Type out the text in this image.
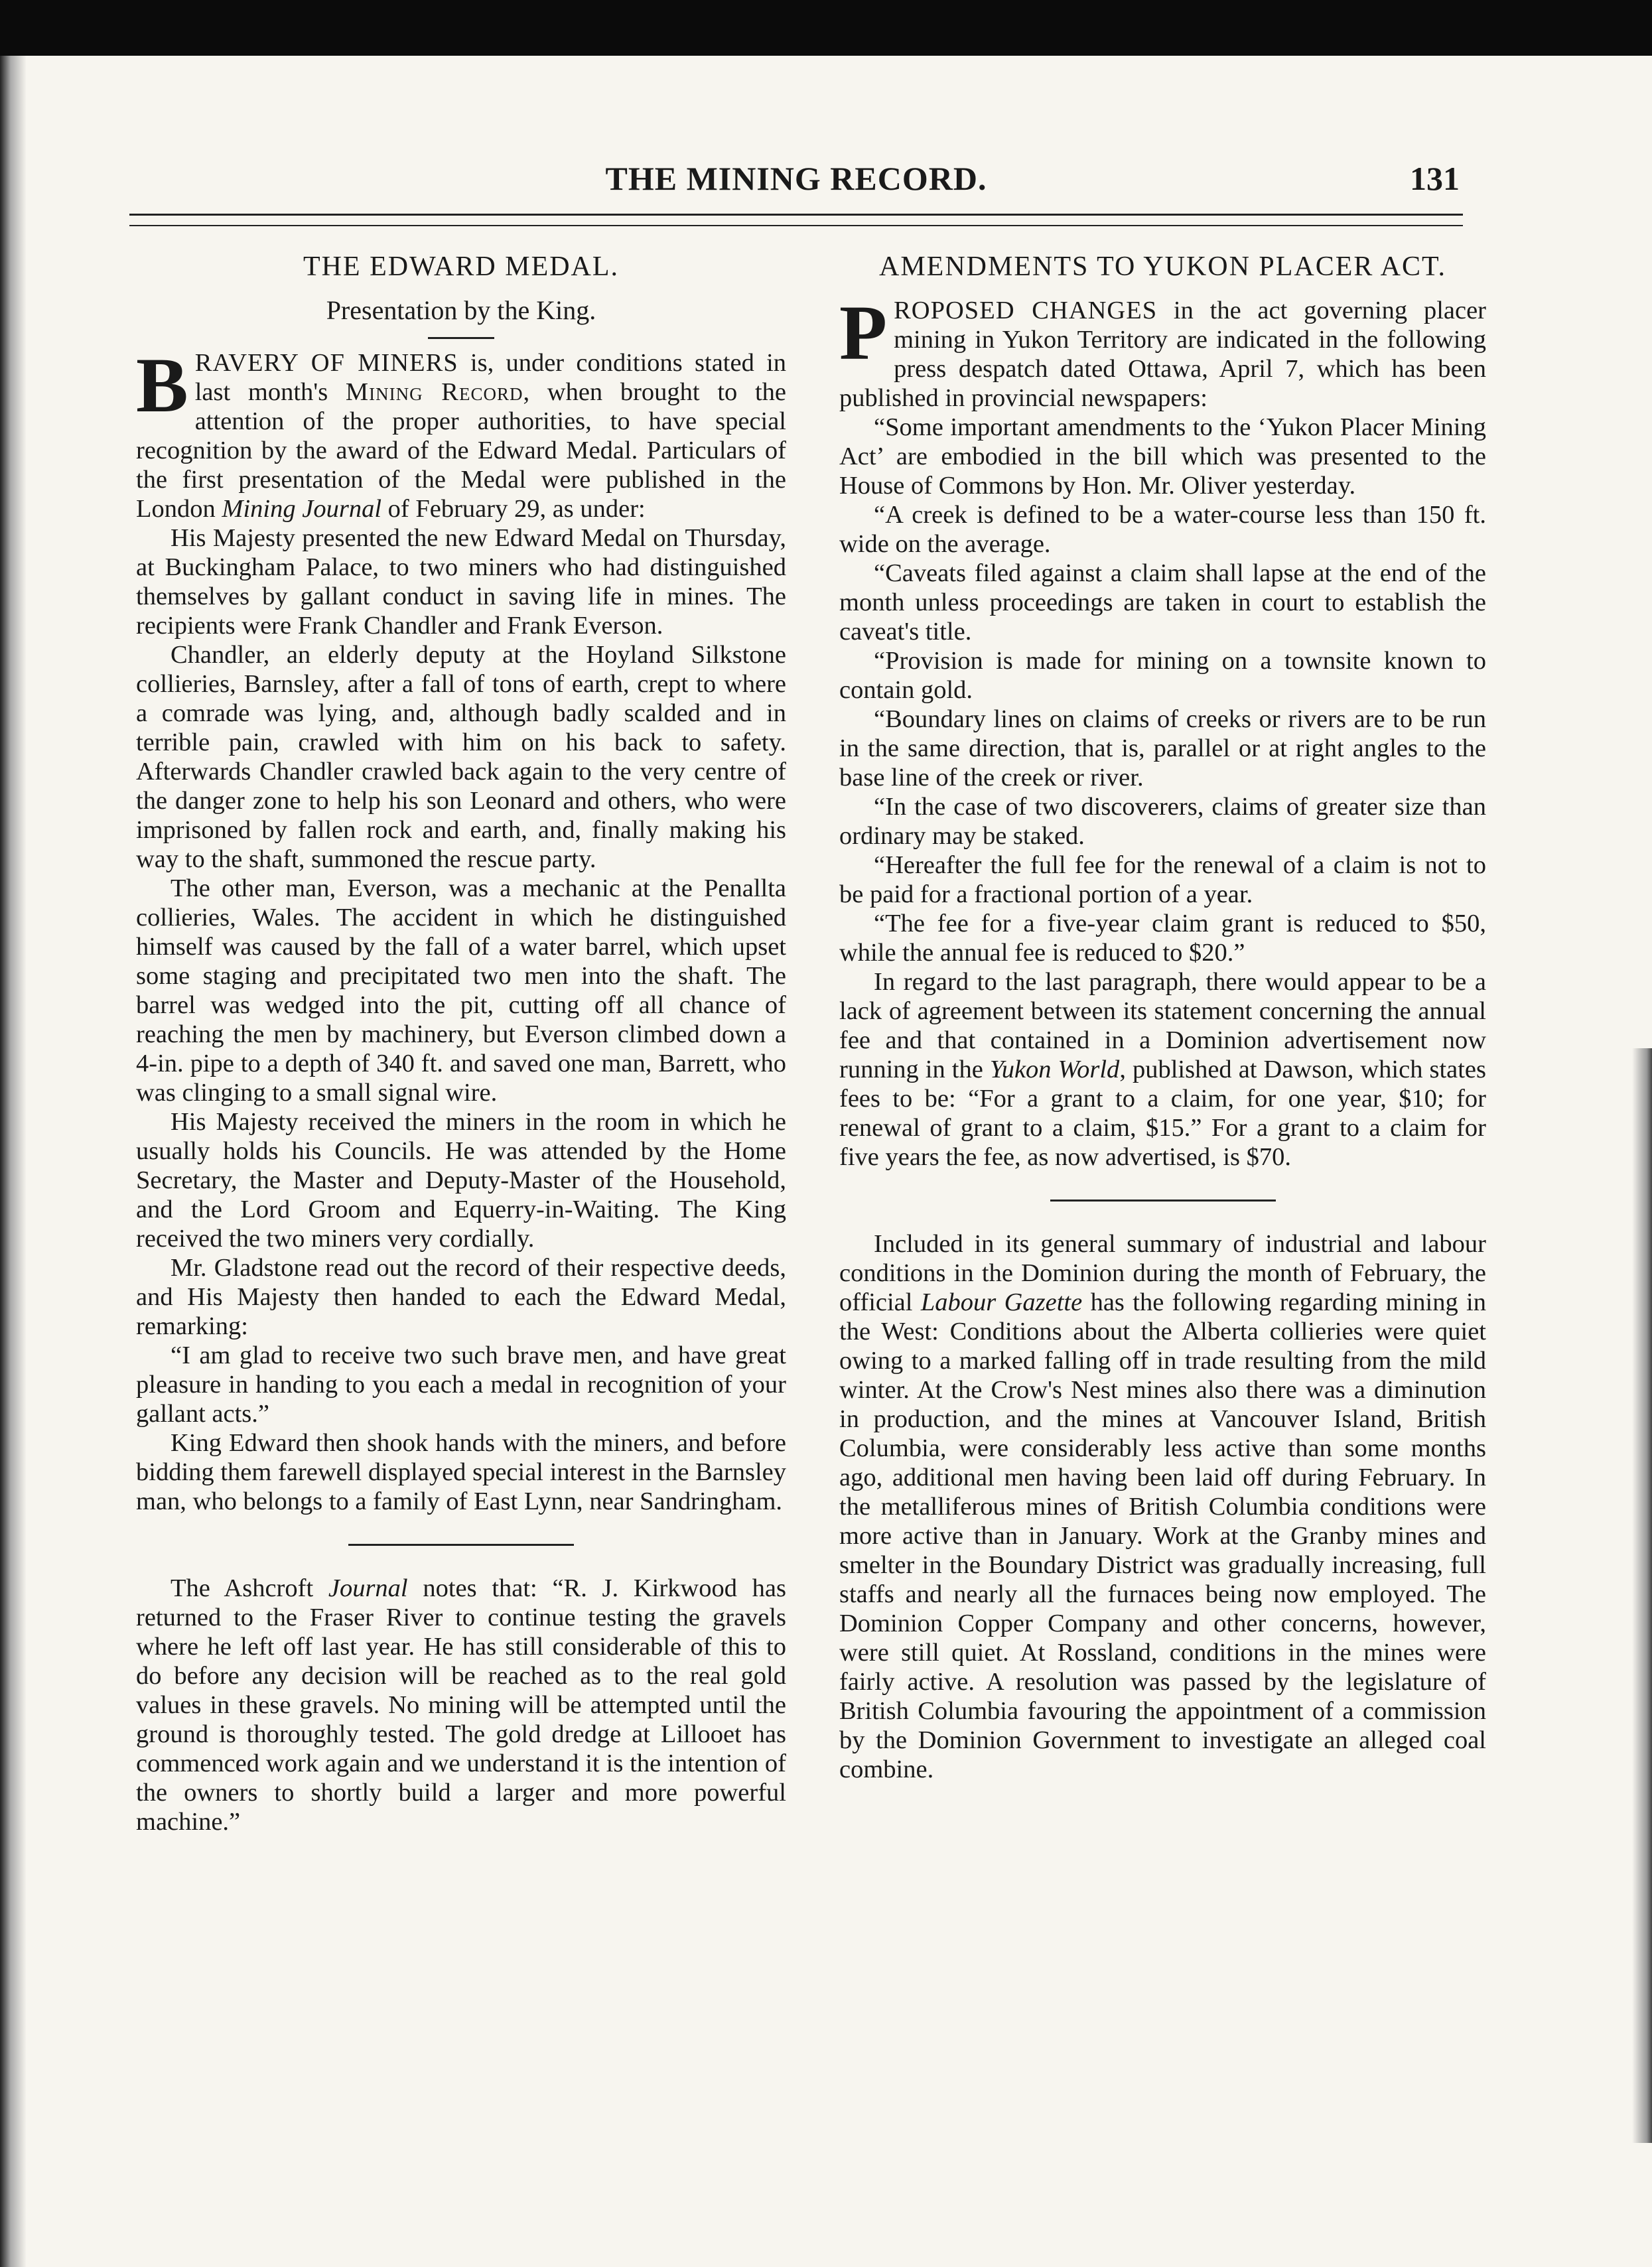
THE MINING RECORD.	131
THE EDWARD MEDAL.
Presentation by the King.

BRAVERY OF MINERS is, under conditions stated in last month's Mining Record, when brought to the attention of the proper authorities, to have special recognition by the award of the Edward Medal. Particulars of the first presentation of the Medal were published in the London Mining Journal of February 29, as under:

His Majesty presented the new Edward Medal on Thursday, at Buckingham Palace, to two miners who had distinguished themselves by gallant conduct in saving life in mines. The recipients were Frank Chandler and Frank Everson.

Chandler, an elderly deputy at the Hoyland Silkstone collieries, Barnsley, after a fall of tons of earth, crept to where a comrade was lying, and, although badly scalded and in terrible pain, crawled with him on his back to safety. Afterwards Chandler crawled back again to the very centre of the danger zone to help his son Leonard and others, who were imprisoned by fallen rock and earth, and, finally making his way to the shaft, summoned the rescue party.

The other man, Everson, was a mechanic at the Penallta collieries, Wales. The accident in which he distinguished himself was caused by the fall of a water barrel, which upset some staging and precipitated two men into the shaft. The barrel was wedged into the pit, cutting off all chance of reaching the men by machinery, but Everson climbed down a 4-in. pipe to a depth of 340 ft. and saved one man, Barrett, who was clinging to a small signal wire.

His Majesty received the miners in the room in which he usually holds his Councils. He was attended by the Home Secretary, the Master and Deputy-Master of the Household, and the Lord Groom and Equerry-in-Waiting. The King received the two miners very cordially.

Mr. Gladstone read out the record of their respective deeds, and His Majesty then handed to each the Edward Medal, remarking:

“I am glad to receive two such brave men, and have great pleasure in handing to you each a medal in recognition of your gallant acts.”

King Edward then shook hands with the miners, and before bidding them farewell displayed special interest in the Barnsley man, who belongs to a family of East Lynn, near Sandringham.

The Ashcroft Journal notes that: “R. J. Kirkwood has returned to the Fraser River to continue testing the gravels where he left off last year. He has still considerable of this to do before any decision will be reached as to the real gold values in these gravels. No mining will be attempted until the ground is thoroughly tested. The gold dredge at Lillooet has commenced work again and we understand it is the intention of the owners to shortly build a larger and more powerful machine.”

AMENDMENTS TO YUKON PLACER ACT.

PROPOSED CHANGES in the act governing placer mining in Yukon Territory are indicated in the following press despatch dated Ottawa, April 7, which has been published in provincial newspapers:

“Some important amendments to the ‘Yukon Placer Mining Act’ are embodied in the bill which was presented to the House of Commons by Hon. Mr. Oliver yesterday.

“A creek is defined to be a water-course less than 150 ft. wide on the average.

“Caveats filed against a claim shall lapse at the end of the month unless proceedings are taken in court to establish the caveat's title.

“Provision is made for mining on a townsite known to contain gold.

“Boundary lines on claims of creeks or rivers are to be run in the same direction, that is, parallel or at right angles to the base line of the creek or river.

“In the case of two discoverers, claims of greater size than ordinary may be staked.

“Hereafter the full fee for the renewal of a claim is not to be paid for a fractional portion of a year.

“The fee for a five-year claim grant is reduced to $50, while the annual fee is reduced to $20.”

In regard to the last paragraph, there would appear to be a lack of agreement between its statement concerning the annual fee and that contained in a Dominion advertisement now running in the Yukon World, published at Dawson, which states fees to be: “For a grant to a claim, for one year, $10; for renewal of grant to a claim, $15.” For a grant to a claim for five years the fee, as now advertised, is $70.

Included in its general summary of industrial and labour conditions in the Dominion during the month of February, the official Labour Gazette has the following regarding mining in the West: Conditions about the Alberta collieries were quiet owing to a marked falling off in trade resulting from the mild winter. At the Crow's Nest mines also there was a diminution in production, and the mines at Vancouver Island, British Columbia, were considerably less active than some months ago, additional men having been laid off during February. In the metalliferous mines of British Columbia conditions were more active than in January. Work at the Granby mines and smelter in the Boundary District was gradually increasing, full staffs and nearly all the furnaces being now employed. The Dominion Copper Company and other concerns, however, were still quiet. At Rossland, conditions in the mines were fairly active. A resolution was passed by the legislature of British Columbia favouring the appointment of a commission by the Dominion Government to investigate an alleged coal combine.
